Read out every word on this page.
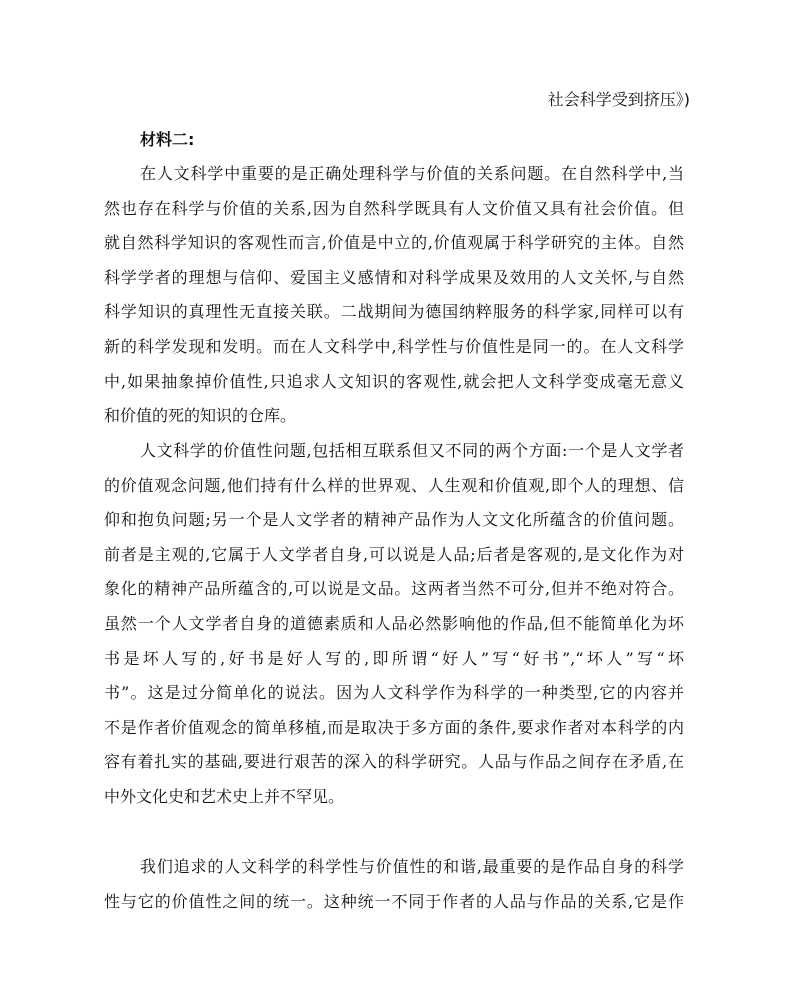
社会科学受到挤压》)
材料二:
在人文科学中重要的是正确处理科学与价值的关系问题。在自然科学中,当
然也存在科学与价值的关系,因为自然科学既具有人文价值又具有社会价值。但
就自然科学知识的客观性而言,价值是中立的,价值观属于科学研究的主体。自然
科学学者的理想与信仰、爱国主义感情和对科学成果及效用的人文关怀,与自然
科学知识的真理性无直接关联。二战期间为德国纳粹服务的科学家,同样可以有
新的科学发现和发明。而在人文科学中,科学性与价值性是同一的。在人文科学
中,如果抽象掉价值性,只追求人文知识的客观性,就会把人文科学变成毫无意义
和价值的死的知识的仓库。
人文科学的价值性问题,包括相互联系但又不同的两个方面:一个是人文学者
的价值观念问题,他们持有什么样的世界观、人生观和价值观,即个人的理想、信
仰和抱负问题;另一个是人文学者的精神产品作为人文文化所蕴含的价值问题。
前者是主观的,它属于人文学者自身,可以说是人品;后者是客观的,是文化作为对
象化的精神产品所蕴含的,可以说是文品。这两者当然不可分,但并不绝对符合。
虽然一个人文学者自身的道德素质和人品必然影响他的作品,但不能简单化为坏
书是坏人写的,好书是好人写的,即所谓“好人”写“好书”,“坏人”写“坏
书”。这是过分简单化的说法。因为人文科学作为科学的一种类型,它的内容并
不是作者价值观念的简单移植,而是取决于多方面的条件,要求作者对本科学的内
容有着扎实的基础,要进行艰苦的深入的科学研究。人品与作品之间存在矛盾,在
中外文化史和艺术史上并不罕见。
我们追求的人文科学的科学性与价值性的和谐,最重要的是作品自身的科学
性与它的价值性之间的统一。这种统一不同于作者的人品与作品的关系,它是作
